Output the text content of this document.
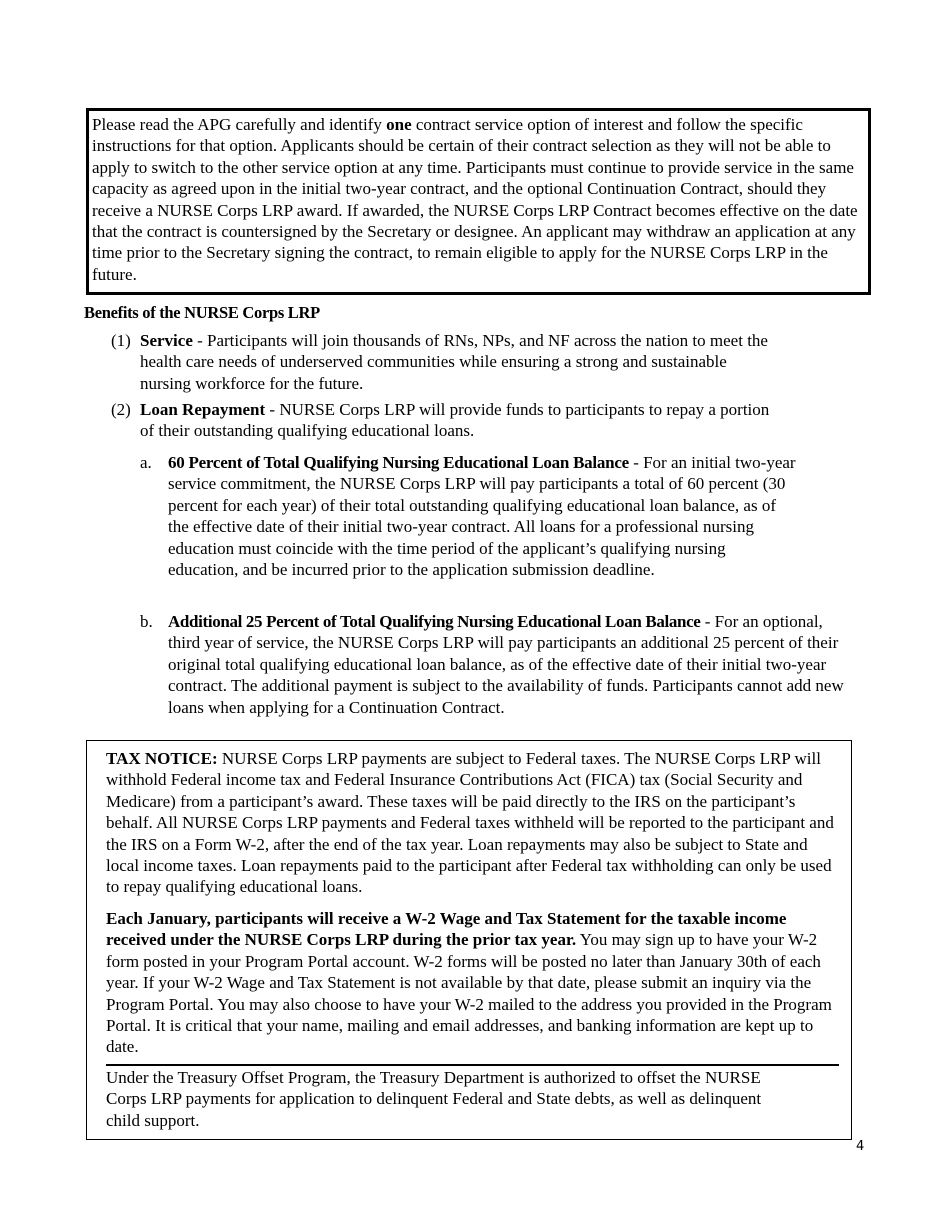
Please read the APG carefully and identify one contract service option of interest and follow the specific instructions for that option. Applicants should be certain of their contract selection as they will not be able to apply to switch to the other service option at any time. Participants must continue to provide service in the same capacity as agreed upon in the initial two-year contract, and the optional Continuation Contract, should they receive a NURSE Corps LRP award. If awarded, the NURSE Corps LRP Contract becomes effective on the date that the contract is countersigned by the Secretary or designee. An applicant may withdraw an application at any time prior to the Secretary signing the contract, to remain eligible to apply for the NURSE Corps LRP in the future.
Benefits of the NURSE Corps LRP
(1) Service - Participants will join thousands of RNs, NPs, and NF across the nation to meet the health care needs of underserved communities while ensuring a strong and sustainable nursing workforce for the future.
(2) Loan Repayment - NURSE Corps LRP will provide funds to participants to repay a portion of their outstanding qualifying educational loans.
a. 60 Percent of Total Qualifying Nursing Educational Loan Balance - For an initial two-year service commitment, the NURSE Corps LRP will pay participants a total of 60 percent (30 percent for each year) of their total outstanding qualifying educational loan balance, as of the effective date of their initial two-year contract. All loans for a professional nursing education must coincide with the time period of the applicant’s qualifying nursing education, and be incurred prior to the application submission deadline.
b. Additional 25 Percent of Total Qualifying Nursing Educational Loan Balance - For an optional, third year of service, the NURSE Corps LRP will pay participants an additional 25 percent of their original total qualifying educational loan balance, as of the effective date of their initial two-year contract. The additional payment is subject to the availability of funds. Participants cannot add new loans when applying for a Continuation Contract.
TAX NOTICE: NURSE Corps LRP payments are subject to Federal taxes. The NURSE Corps LRP will withhold Federal income tax and Federal Insurance Contributions Act (FICA) tax (Social Security and Medicare) from a participant’s award. These taxes will be paid directly to the IRS on the participant’s behalf. All NURSE Corps LRP payments and Federal taxes withheld will be reported to the participant and the IRS on a Form W-2, after the end of the tax year. Loan repayments may also be subject to State and local income taxes. Loan repayments paid to the participant after Federal tax withholding can only be used to repay qualifying educational loans.
Each January, participants will receive a W-2 Wage and Tax Statement for the taxable income received under the NURSE Corps LRP during the prior tax year. You may sign up to have your W-2 form posted in your Program Portal account. W-2 forms will be posted no later than January 30th of each year. If your W-2 Wage and Tax Statement is not available by that date, please submit an inquiry via the Program Portal. You may also choose to have your W-2 mailed to the address you provided in the Program Portal. It is critical that your name, mailing and email addresses, and banking information are kept up to date.
Under the Treasury Offset Program, the Treasury Department is authorized to offset the NURSE Corps LRP payments for application to delinquent Federal and State debts, as well as delinquent child support.
4
